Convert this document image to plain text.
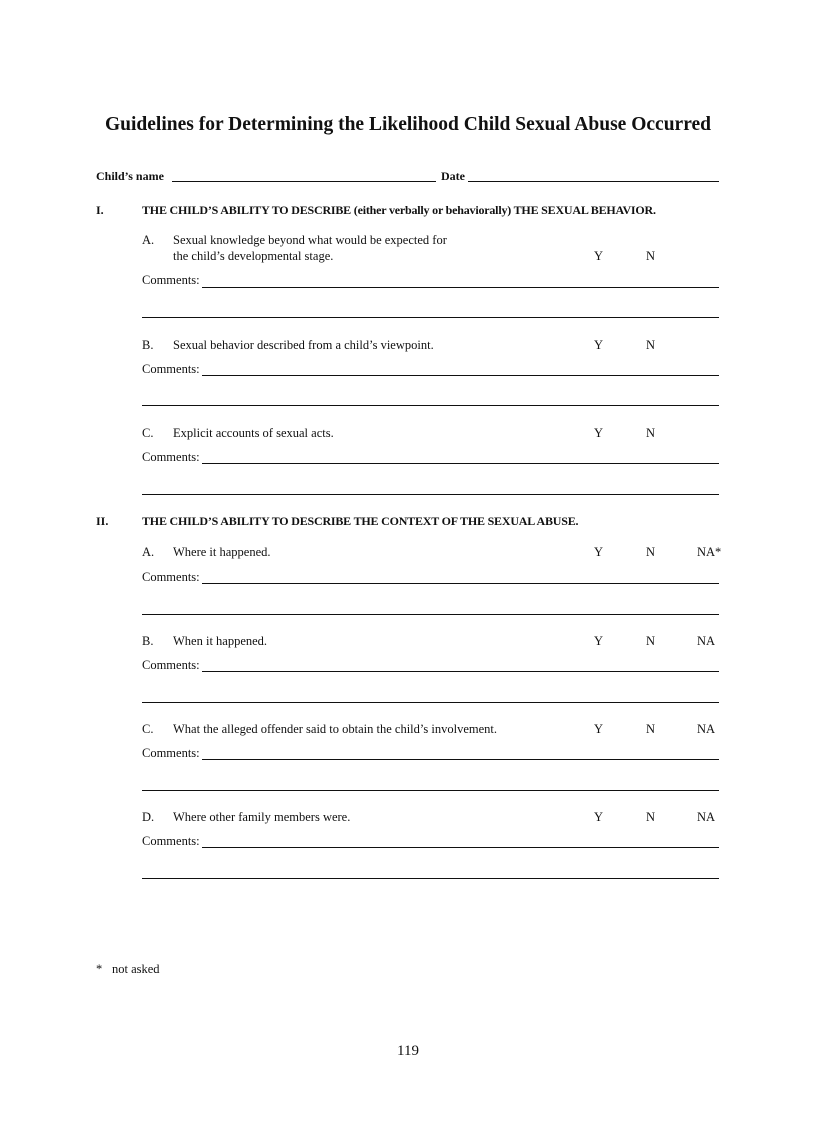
Guidelines for Determining the Likelihood Child Sexual Abuse Occurred
Child’s name	Date
I.	THE CHILD’S ABILITY TO DESCRIBE (either verbally or behaviorally) THE SEXUAL BEHAVIOR.
A. Sexual knowledge beyond what would be expected for
the child’s developmental stage.	Y	N
Comments:
B. Sexual behavior described from a child’s viewpoint.	Y	N
Comments:
C. Explicit accounts of sexual acts.	Y	N
Comments:
II.	THE CHILD’S ABILITY TO DESCRIBE THE CONTEXT OF THE SEXUAL ABUSE.
A. Where it happened.	Y	N	NA*
Comments:
B. When it happened.	Y	N	NA
Comments:
C. What the alleged offender said to obtain the child’s involvement.	Y	N	NA
Comments:
D. Where other family members were.	Y	N	NA
Comments:
* not asked
119
